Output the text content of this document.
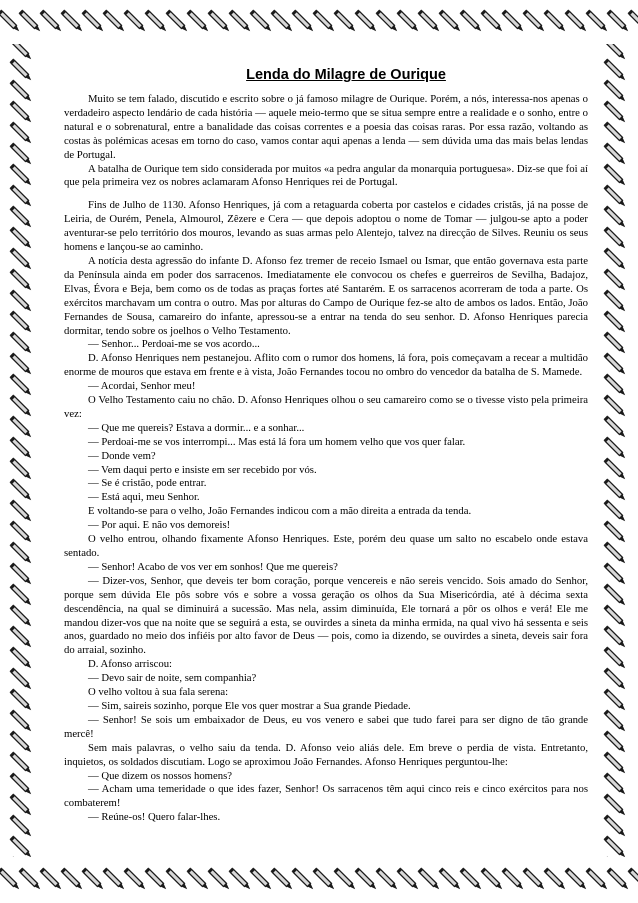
Lenda do Milagre de Ourique

Muito se tem falado, discutido e escrito sobre o já famoso milagre de Ourique. Porém, a nós, interessa-nos apenas o verdadeiro aspecto lendário de cada história — aquele meio-termo que se situa sempre entre a realidade e o sonho, entre o natural e o sobrenatural, entre a banalidade das coisas correntes e a poesia das coisas raras. Por essa razão, voltando as costas às polémicas acesas em torno do caso, vamos contar aqui apenas a lenda — sem dúvida uma das mais belas lendas de Portugal.

A batalha de Ourique tem sido considerada por muitos «a pedra angular da monarquia portuguesa». Diz-se que foi aí que pela primeira vez os nobres aclamaram Afonso Henriques rei de Portugal.

Fins de Julho de 1130. Afonso Henriques, já com a retaguarda coberta por castelos e cidades cristãs, já na posse de Leiria, de Ourém, Penela, Almourol, Zêzere e Cera — que depois adoptou o nome de Tomar — julgou-se apto a poder aventurar-se pelo território dos mouros, levando as suas armas pelo Alentejo, talvez na direcção de Silves. Reuniu os seus homens e lançou-se ao caminho.

A notícia desta agressão do infante D. Afonso fez tremer de receio Ismael ou Ismar, que então governava esta parte da Península ainda em poder dos sarracenos. Imediatamente ele convocou os chefes e guerreiros de Sevilha, Badajoz, Elvas, Évora e Beja, bem como os de todas as praças fortes até Santarém. E os sarracenos acorreram de toda a parte. Os exércitos marchavam um contra o outro. Mas por alturas do Campo de Ourique fez-se alto de ambos os lados. Então, João Fernandes de Sousa, camareiro do infante, apressou-se a entrar na tenda do seu senhor. D. Afonso Henriques parecia dormitar, tendo sobre os joelhos o Velho Testamento.

— Senhor... Perdoai-me se vos acordo...

D. Afonso Henriques nem pestanejou. Aflito com o rumor dos homens, lá fora, pois começavam a recear a multidão enorme de mouros que estava em frente e à vista, João Fernandes tocou no ombro do vencedor da batalha de S. Mamede.

— Acordai, Senhor meu!

O Velho Testamento caiu no chão. D. Afonso Henriques olhou o seu camareiro como se o tivesse visto pela primeira vez:

— Que me quereis? Estava a dormir... e a sonhar...

— Perdoai-me se vos interrompi... Mas está lá fora um homem velho que vos quer falar.

— Donde vem?

— Vem daqui perto e insiste em ser recebido por vós.

— Se é cristão, pode entrar.

— Está aqui, meu Senhor.

E voltando-se para o velho, João Fernandes indicou com a mão direita a entrada da tenda.

— Por aqui. E não vos demoreis!

O velho entrou, olhando fixamente Afonso Henriques. Este, porém deu quase um salto no escabelo onde estava sentado.

— Senhor! Acabo de vos ver em sonhos! Que me quereis?

— Dizer-vos, Senhor, que deveis ter bom coração, porque vencereis e não sereis vencido. Sois amado do Senhor, porque sem dúvida Ele pôs sobre vós e sobre a vossa geração os olhos da Sua Misericórdia, até à décima sexta descendência, na qual se diminuirá a sucessão. Mas nela, assim diminuída, Ele tornará a pôr os olhos e verá! Ele me mandou dizer-vos que na noite que se seguirá a esta, se ouvirdes a sineta da minha ermida, na qual vivo há sessenta e seis anos, guardado no meio dos infiéis por alto favor de Deus — pois, como ia dizendo, se ouvirdes a sineta, deveis sair fora do arraial, sozinho.

D. Afonso arriscou:

— Devo sair de noite, sem companhia?

O velho voltou à sua fala serena:

— Sim, saireis sozinho, porque Ele vos quer mostrar a Sua grande Piedade.

— Senhor! Se sois um embaixador de Deus, eu vos venero e sabei que tudo farei para ser digno de tão grande mercê!

Sem mais palavras, o velho saiu da tenda. D. Afonso veio aliás dele. Em breve o perdia de vista. Entretanto, inquietos, os soldados discutiam. Logo se aproximou João Fernandes. Afonso Henriques perguntou-lhe:

— Que dizem os nossos homens?

— Acham uma temeridade o que ides fazer, Senhor! Os sarracenos têm aqui cinco reis e cinco exércitos para nos combaterem!

— Reúne-os! Quero falar-lhes.
